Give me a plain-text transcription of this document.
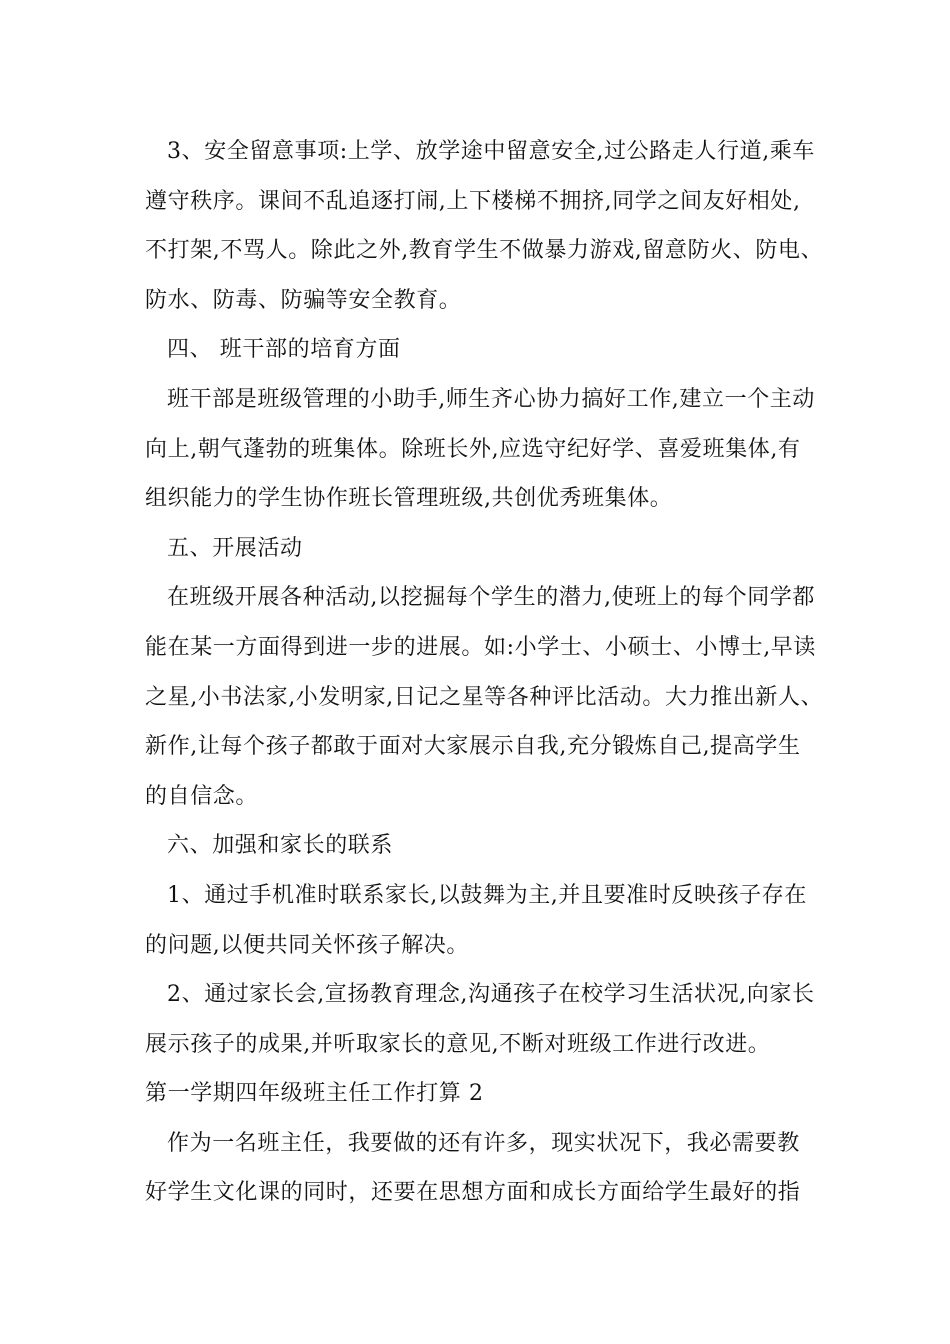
3、安全留意事项:上学、放学途中留意安全,过公路走人行道,乘车
遵守秩序。课间不乱追逐打闹,上下楼梯不拥挤,同学之间友好相处,
不打架,不骂人。除此之外,教育学生不做暴力游戏,留意防火、防电、
防水、防毒、防骗等安全教育。
四、 班干部的培育方面
班干部是班级管理的小助手,师生齐心协力搞好工作,建立一个主动
向上,朝气蓬勃的班集体。除班长外,应选守纪好学、喜爱班集体,有
组织能力的学生协作班长管理班级,共创优秀班集体。
五、开展活动
在班级开展各种活动,以挖掘每个学生的潜力,使班上的每个同学都
能在某一方面得到进一步的进展。如:小学士、小硕士、小博士,早读
之星,小书法家,小发明家,日记之星等各种评比活动。大力推出新人、
新作,让每个孩子都敢于面对大家展示自我,充分锻炼自己,提高学生
的自信念。
六、加强和家长的联系
1、通过手机准时联系家长,以鼓舞为主,并且要准时反映孩子存在
的问题,以便共同关怀孩子解决。
2、通过家长会,宣扬教育理念,沟通孩子在校学习生活状况,向家长
展示孩子的成果,并听取家长的意见,不断对班级工作进行改进。
第一学期四年级班主任工作打算 2
作为一名班主任，我要做的还有许多，现实状况下，我必需要教
好学生文化课的同时，还要在思想方面和成长方面给学生最好的指
